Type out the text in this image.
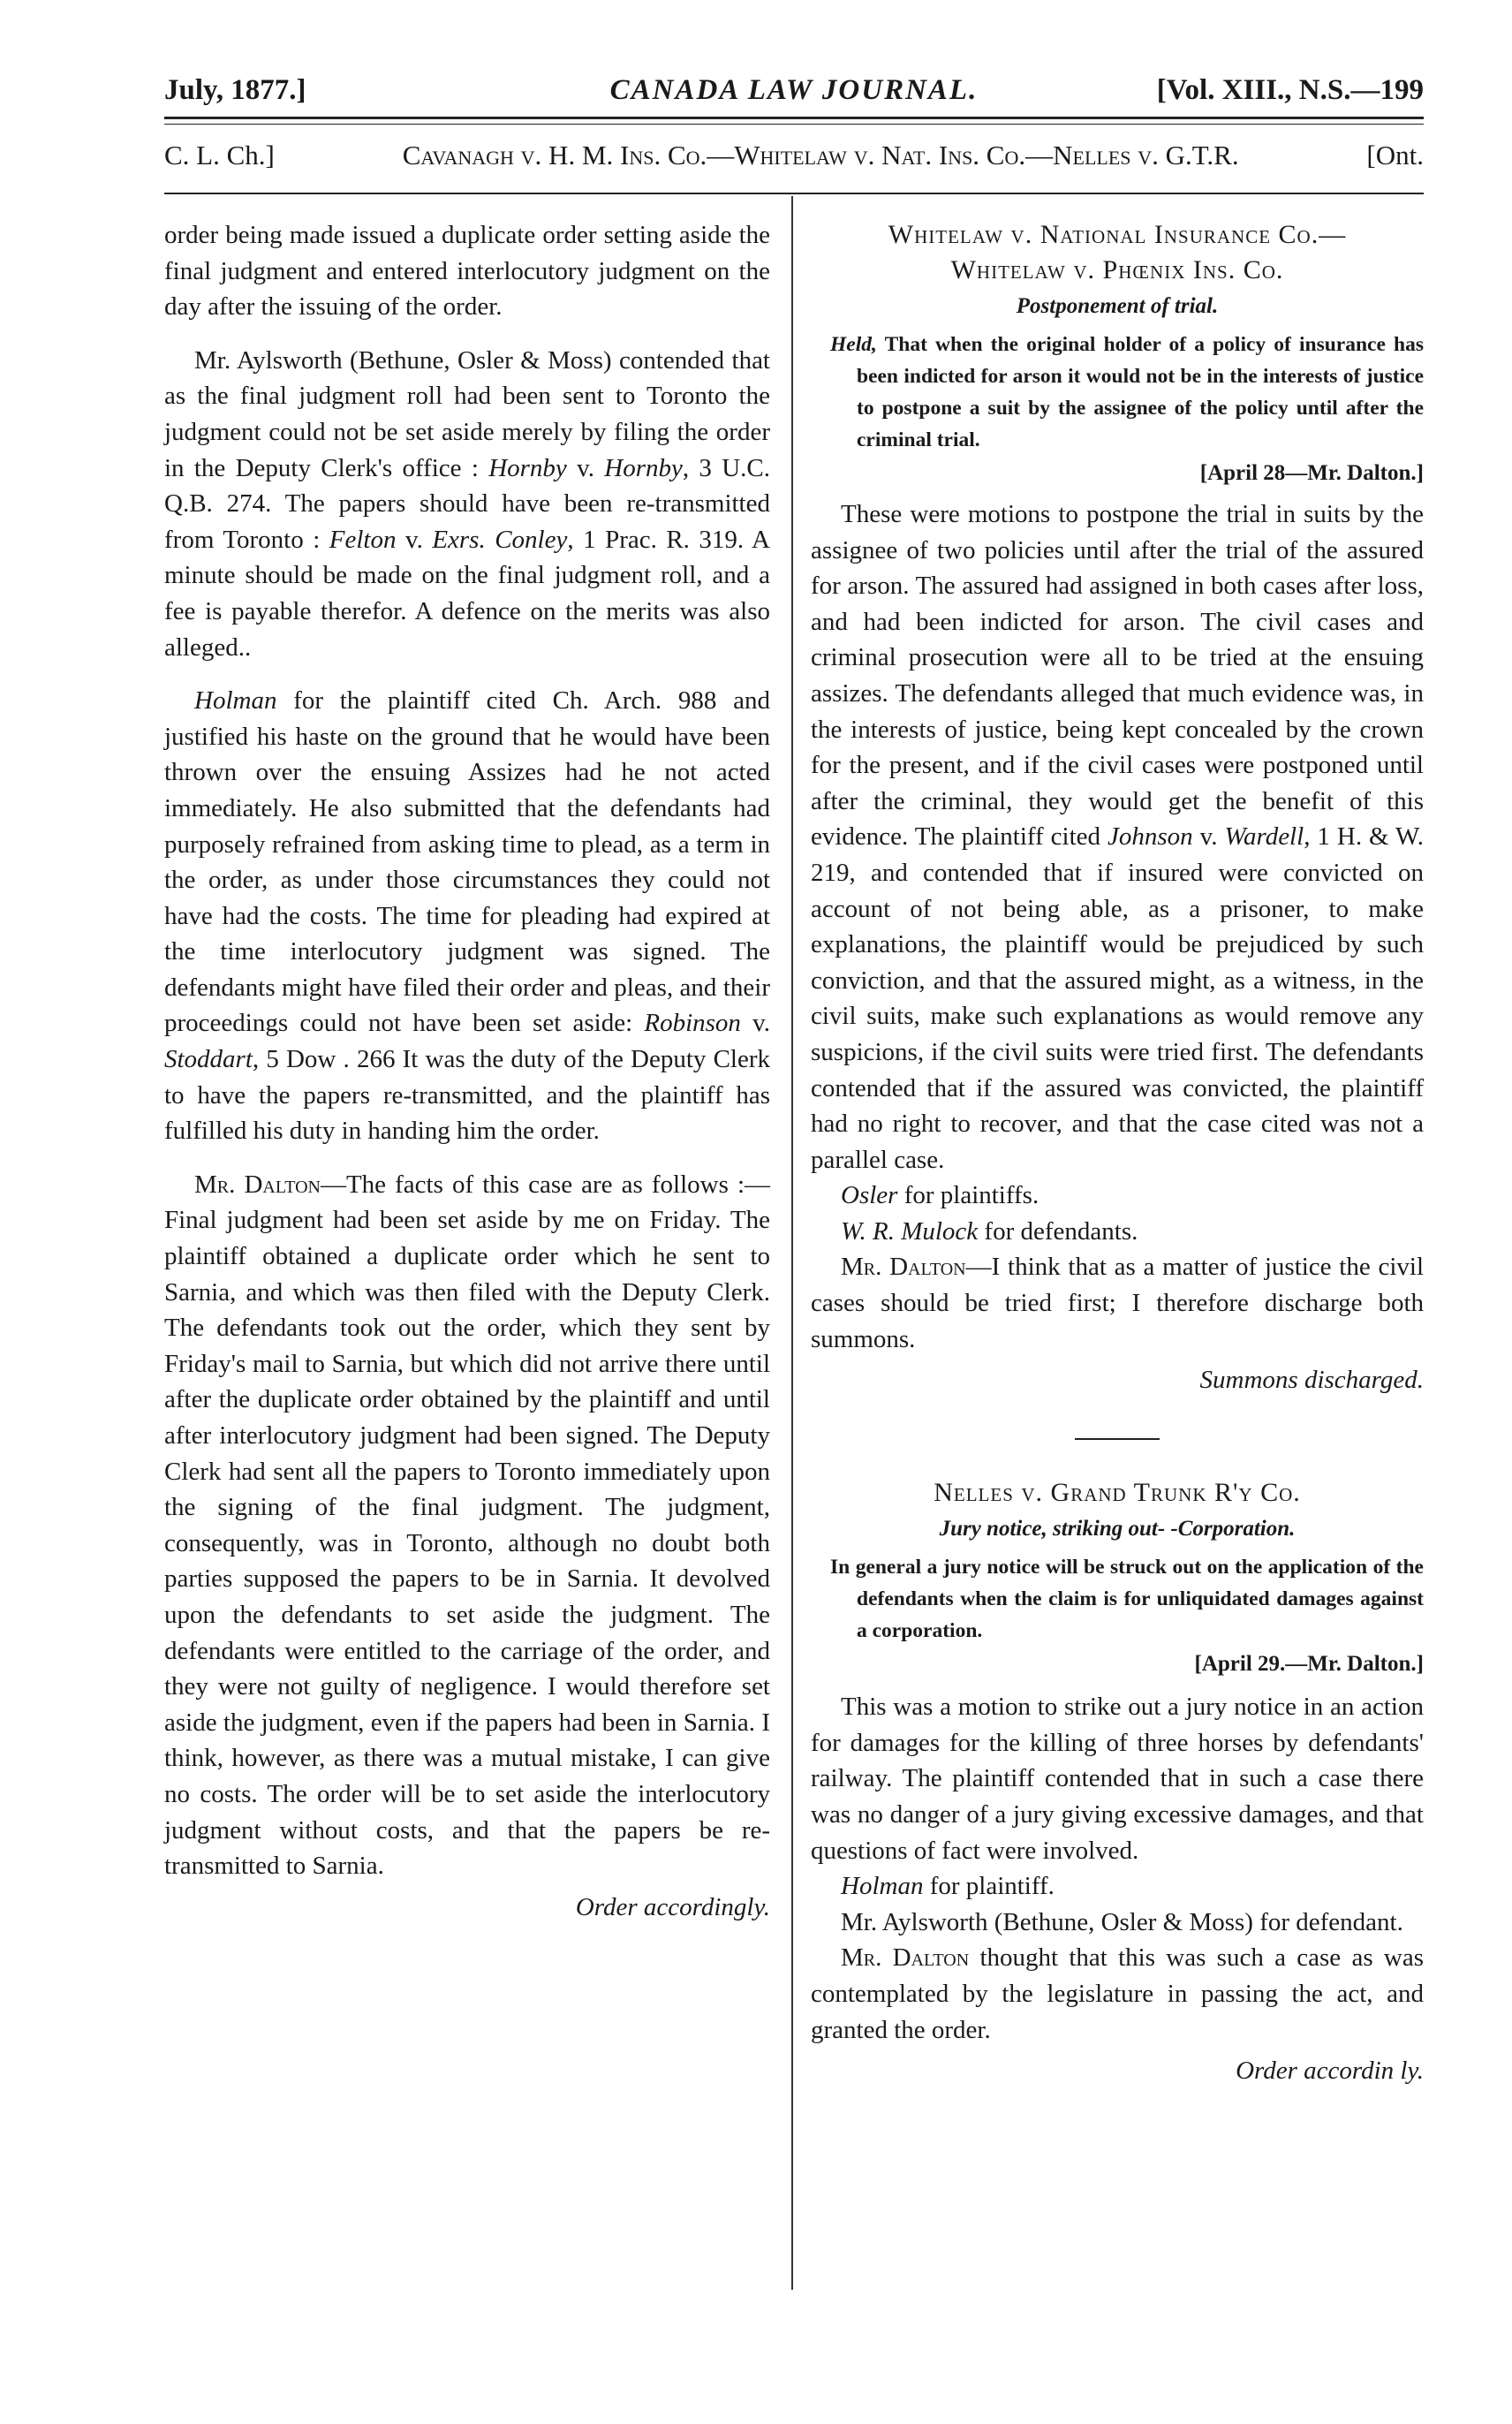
July, 1877.]	CANADA LAW JOURNAL.	[Vol. XIII., N.S.—199
C. L. Ch.]	Cavanagh v. H. M. Ins. Co.—Whitelaw v. Nat. Ins. Co.—Nelles v. G.T.R.	[Ont.

order being made issued a duplicate order setting aside the final judgment and entered interlocutory judgment on the day after the issuing of the order.

Mr. Aylsworth (Bethune, Osler & Moss) contended that as the final judgment roll had been sent to Toronto the judgment could not be set aside merely by filing the order in the Deputy Clerk's office : Hornby v. Hornby, 3 U.C. Q.B. 274. The papers should have been re-transmitted from Toronto : Felton v. Exrs. Conley, 1 Prac. R. 319. A minute should be made on the final judgment roll, and a fee is payable therefor. A defence on the merits was also alleged..

Holman for the plaintiff cited Ch. Arch. 988 and justified his haste on the ground that he would have been thrown over the ensuing Assizes had he not acted immediately. He also submitted that the defendants had purposely refrained from asking time to plead, as a term in the order, as under those circumstances they could not have had the costs. The time for pleading had expired at the time interlocutory judgment was signed. The defendants might have filed their order and pleas, and their proceedings could not have been set aside: Robinson v. Stoddart, 5 Dow . 266 It was the duty of the Deputy Clerk to have the papers re-transmitted, and the plaintiff has fulfilled his duty in handing him the order.

Mr. Dalton—The facts of this case are as follows :—Final judgment had been set aside by me on Friday. The plaintiff obtained a duplicate order which he sent to Sarnia, and which was then filed with the Deputy Clerk. The defendants took out the order, which they sent by Friday's mail to Sarnia, but which did not arrive there until after the duplicate order obtained by the plaintiff and until after interlocutory judgment had been signed. The Deputy Clerk had sent all the papers to Toronto immediately upon the signing of the final judgment. The judgment, consequently, was in Toronto, although no doubt both parties supposed the papers to be in Sarnia. It devolved upon the defendants to set aside the judgment. The defendants were entitled to the carriage of the order, and they were not guilty of negligence. I would therefore set aside the judgment, even if the papers had been in Sarnia. I think, however, as there was a mutual mistake, I can give no costs. The order will be to set aside the interlocutory judgment without costs, and that the papers be re-transmitted to Sarnia.

Order accordingly.
Whitelaw v. National Insurance Co.—
Whitelaw v. Phœnix Ins. Co.
Postponement of trial.
Held, That when the original holder of a policy of insurance has been indicted for arson it would not be in the interests of justice to postpone a suit by the assignee of the policy until after the criminal trial.
[April 28—Mr. Dalton.]

These were motions to postpone the trial in suits by the assignee of two policies until after the trial of the assured for arson. The assured had assigned in both cases after loss, and had been indicted for arson. The civil cases and criminal prosecution were all to be tried at the ensuing assizes. The defendants alleged that much evidence was, in the interests of justice, being kept concealed by the crown for the present, and if the civil cases were postponed until after the criminal, they would get the benefit of this evidence. The plaintiff cited Johnson v. Wardell, 1 H. & W. 219, and contended that if insured were convicted on account of not being able, as a prisoner, to make explanations, the plaintiff would be prejudiced by such conviction, and that the assured might, as a witness, in the civil suits, make such explanations as would remove any suspicions, if the civil suits were tried first. The defendants contended that if the assured was convicted, the plaintiff had no right to recover, and that the case cited was not a parallel case.

Osler for plaintiffs.

W. R. Mulock for defendants.

Mr. Dalton—I think that as a matter of justice the civil cases should be tried first; I therefore discharge both summons.

Summons discharged.
Nelles v. Grand Trunk R'y Co.
Jury notice, striking out- -Corporation.
In general a jury notice will be struck out on the application of the defendants when the claim is for unliquidated damages against a corporation.
[April 29.—Mr. Dalton.]

This was a motion to strike out a jury notice in an action for damages for the killing of three horses by defendants' railway. The plaintiff contended that in such a case there was no danger of a jury giving excessive damages, and that questions of fact were involved.

Holman for plaintiff.

Mr. Aylsworth (Bethune, Osler & Moss) for defendant.

Mr. Dalton thought that this was such a case as was contemplated by the legislature in passing the act, and granted the order.

Order accordin ly.
